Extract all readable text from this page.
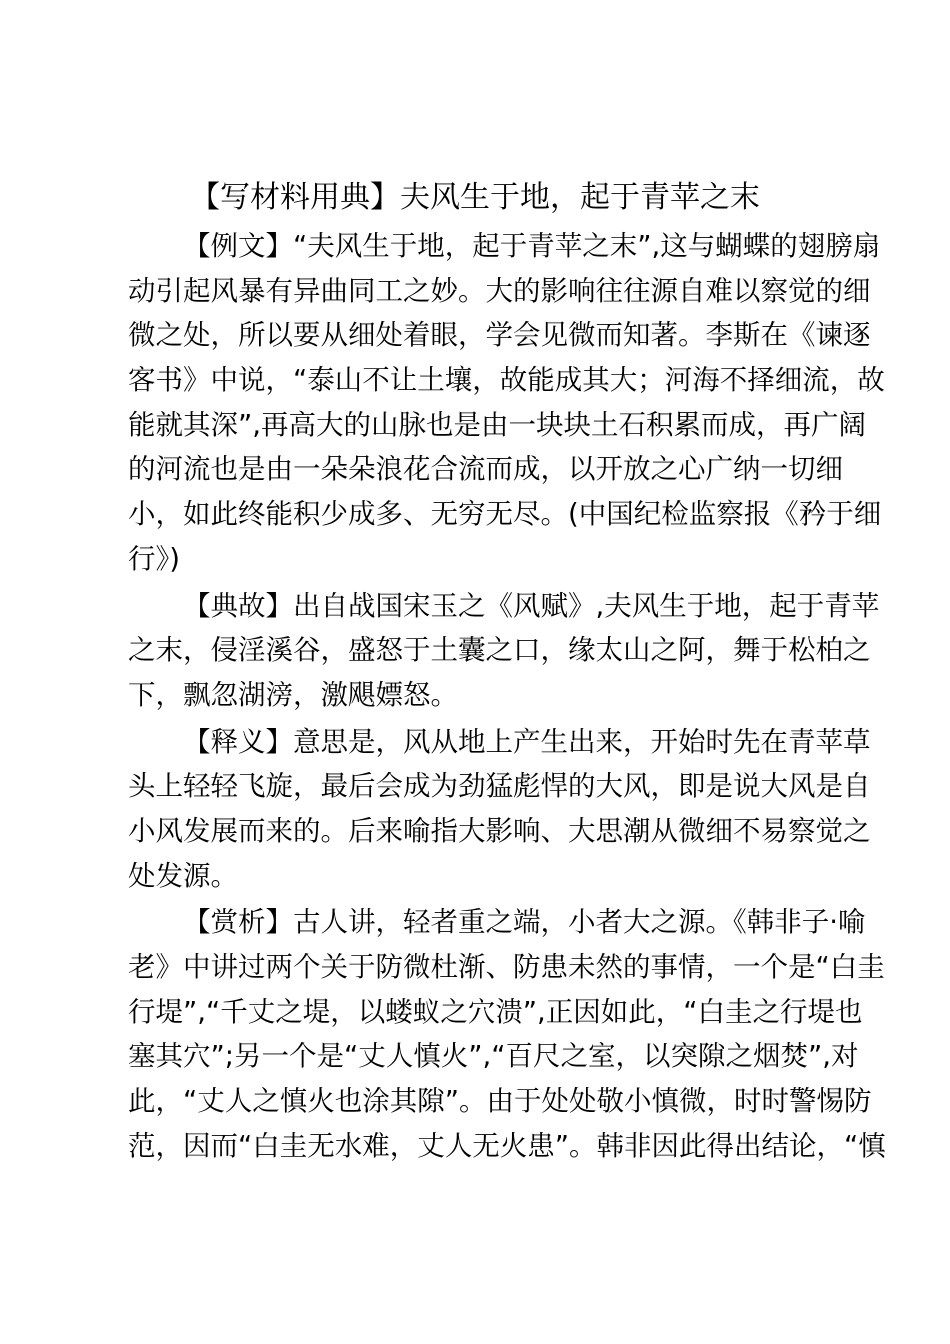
【写材料用典】夫风生于地，起于青苹之末
【例文】“夫风生于地，起于青苹之末”,这与蝴蝶的翅膀扇
动引起风暴有异曲同工之妙。大的影响往往源自难以察觉的细
微之处，所以要从细处着眼，学会见微而知著。李斯在《谏逐
客书》中说，“泰山不让土壤，故能成其大；河海不择细流，故
能就其深”,再高大的山脉也是由一块块土石积累而成，再广阔
的河流也是由一朵朵浪花合流而成，以开放之心广纳一切细
小，如此终能积少成多、无穷无尽。(中国纪检监察报《矜于细
行》)
【典故】出自战国宋玉之《风赋》,夫风生于地，起于青苹
之末，侵淫溪谷，盛怒于土囊之口，缘太山之阿，舞于松柏之
下，飘忽湖滂，激飓嫖怒。
【释义】意思是，风从地上产生出来，开始时先在青苹草
头上轻轻飞旋，最后会成为劲猛彪悍的大风，即是说大风是自
小风发展而来的。后来喻指大影响、大思潮从微细不易察觉之
处发源。
【赏析】古人讲，轻者重之端，小者大之源。《韩非子·喻
老》中讲过两个关于防微杜渐、防患未然的事情，一个是“白圭
行堤”,“千丈之堤，以蝼蚁之穴溃”,正因如此，“白圭之行堤也
塞其穴”;另一个是“丈人慎火”,“百尺之室，以突隙之烟焚”,对
此，“丈人之慎火也涂其隙”。由于处处敬小慎微，时时警惕防
范，因而“白圭无水难，丈人无火患”。韩非因此得出结论，“慎
